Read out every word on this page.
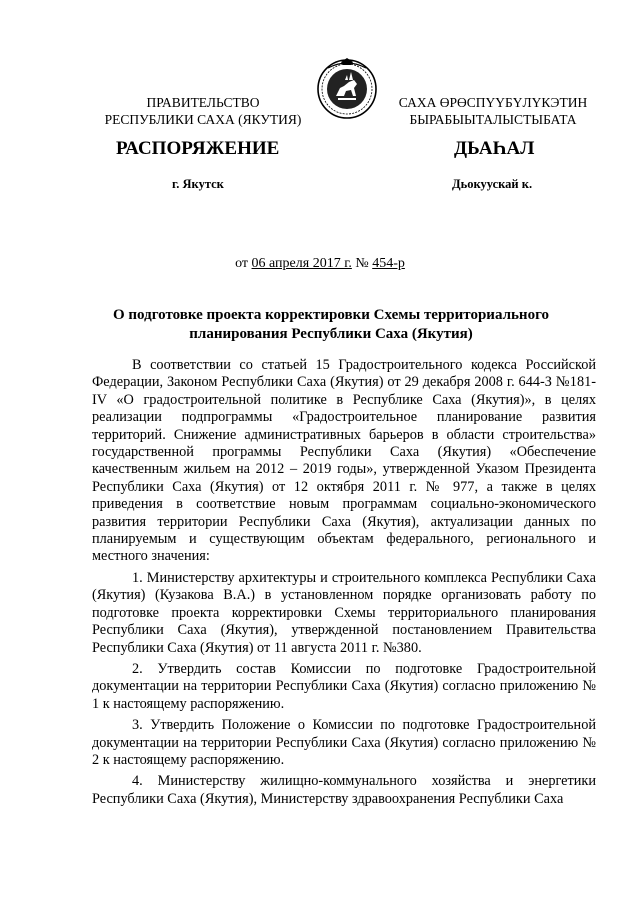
ПРАВИТЕЛЬСТВО
РЕСПУБЛИКИ САХА (ЯКУТИЯ)
САХА ӨРӨСПҮҮБҮЛҮКЭТИН
БЫРАБЫЫТАЛЫСТЫБАТА
РАСПОРЯЖЕНИЕ	ДЬАҺАЛ
г. Якутск	Дьокуускай к.
от 06 апреля 2017 г. № 454-р
О подготовке проекта корректировки Схемы территориального планирования Республики Саха (Якутия)

В соответствии со статьей 15 Градостроительного кодекса Российской Федерации, Законом Республики Саха (Якутия) от 29 декабря 2008 г. 644-З №181-IV «О градостроительной политике в Республике Саха (Якутия)», в целях реализации подпрограммы «Градостроительное планирование развития территорий. Снижение административных барьеров в области строительства» государственной программы Республики Саха (Якутия) «Обеспечение качественным жильем на 2012 – 2019 годы», утвержденной Указом Президента Республики Саха (Якутия) от 12 октября 2011 г. № 977, а также в целях приведения в соответствие новым программам социально-экономического развития территории Республики Саха (Якутия), актуализации данных по планируемым и существующим объектам федерального, регионального и местного значения:

1. Министерству архитектуры и строительного комплекса Республики Саха (Якутия) (Кузакова В.А.) в установленном порядке организовать работу по подготовке проекта корректировки Схемы территориального планирования Республики Саха (Якутия), утвержденной постановлением Правительства Республики Саха (Якутия) от 11 августа 2011 г. №380.

2. Утвердить состав Комиссии по подготовке Градостроительной документации на территории Республики Саха (Якутия) согласно приложению № 1 к настоящему распоряжению.

3. Утвердить Положение о Комиссии по подготовке Градостроительной документации на территории Республики Саха (Якутия) согласно приложению № 2 к настоящему распоряжению.

4. Министерству жилищно-коммунального хозяйства и энергетики Республики Саха (Якутия), Министерству здравоохранения Республики Саха
